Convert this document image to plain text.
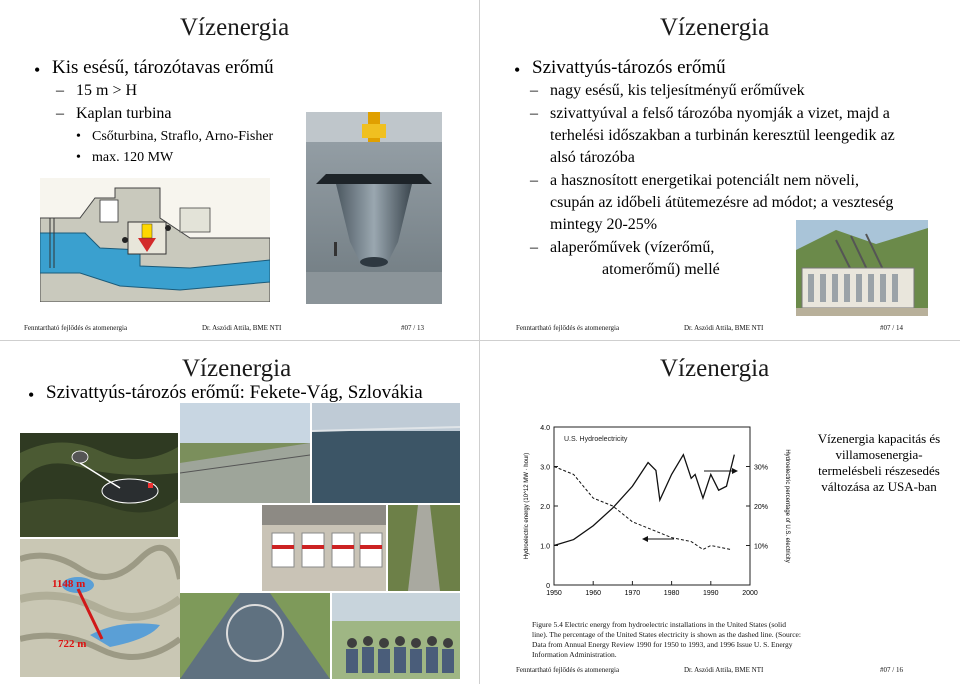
Vízenergia
• Kis esésű, tározótavas erőmű
– 15 m > H
– Kaplan turbina
• Csőturbina, Straflo, Arno-Fisher
• max. 120 MW
Fenntartható fejlődés és atomenergia	Dr. Aszódi Attila, BME NTI	#07 / 13
Vízenergia
• Szivattyús-tározós erőmű
– nagy esésű, kis teljesítményű erőművek
– szivattyúval a felső tározóba nyomják a vizet, majd a
terhelési időszakban a turbinán keresztül leengedik az
alsó tározóba
– a hasznosított energetikai potenciált nem növeli,
csupán az időbeli átütemezésre ad módot; a veszteség
mintegy 20-25%
– alaperőművek (vízerőmű,
atomerőmű) mellé
Fenntartható fejlődés és atomenergia	Dr. Aszódi Attila, BME NTI	#07 / 14
Vízenergia
• Szivattyús-tározós erőmű: Fekete-Vág, Szlovákia
1148 m
722 m
Vízenergia
U.S. Hydroelectricity
1950	1960	1970	1980	1990	2000
0
1.0
2.0
3.0
4.0
10%
20%
30%
Hydroelectric energy (10^12 MW · hour)	Hydroelectric percentage of U.S. electricity
Figure 5.4 Electric energy from hydroelectric installations in the United States (solid
line). The percentage of the United States electricity is shown as the dashed line. (Source:
Data from Annual Energy Review 1990 for 1950 to 1993, and 1996 Issue U. S. Energy
Information Administration.
Vízenergia kapacitás és
villamosenergia-
termelésbeli részesedés
változása az USA-ban
Fenntartható fejlődés és atomenergia	Dr. Aszódi Attila, BME NTI	#07 / 16
